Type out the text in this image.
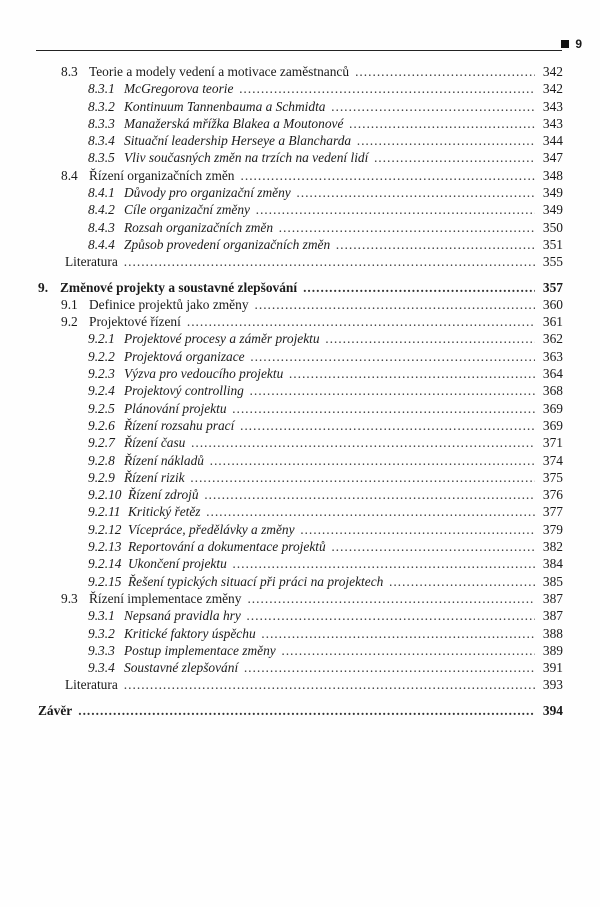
9
8.3 Teorie a modely vedení a motivace zaměstnanců .....	342
8.3.1 McGregorova teorie .....	342
8.3.2 Kontinuum Tannenbauma a Schmidta .....	343
8.3.3 Manažerská mřížka Blakea a Moutonové .....	343
8.3.4 Situační leadership Herseye a Blancharda .....	344
8.3.5 Vliv současných změn na trzích na vedení lidí .....	347
8.4 Řízení organizačních změn .....	348
8.4.1 Důvody pro organizační změny .....	349
8.4.2 Cíle organizační změny .....	349
8.4.3 Rozsah organizačních změn .....	350
8.4.4 Způsob provedení organizačních změn .....	351
Literatura .....	355
9. Změnové projekty a soustavné zlepšování .....	357
9.1 Definice projektů jako změny .....	360
9.2 Projektové řízení .....	361
9.2.1 Projektové procesy a záměr projektu .....	362
9.2.2 Projektová organizace .....	363
9.2.3 Výzva pro vedoucího projektu .....	364
9.2.4 Projektový controlling .....	368
9.2.5 Plánování projektu .....	369
9.2.6 Řízení rozsahu prací .....	369
9.2.7 Řízení času .....	371
9.2.8 Řízení nákladů .....	374
9.2.9 Řízení rizik .....	375
9.2.10 Řízení zdrojů .....	376
9.2.11 Kritický řetěz .....	377
9.2.12 Vícepráce, předělávky a změny .....	379
9.2.13 Reportování a dokumentace projektů .....	382
9.2.14 Ukončení projektu .....	384
9.2.15 Řešení typických situací při práci na projektech .....	385
9.3 Řízení implementace změny .....	387
9.3.1 Nepsaná pravidla hry .....	387
9.3.2 Kritické faktory úspěchu .....	388
9.3.3 Postup implementace změny .....	389
9.3.4 Soustavné zlepšování .....	391
Literatura .....	393
Závěr .....	394
